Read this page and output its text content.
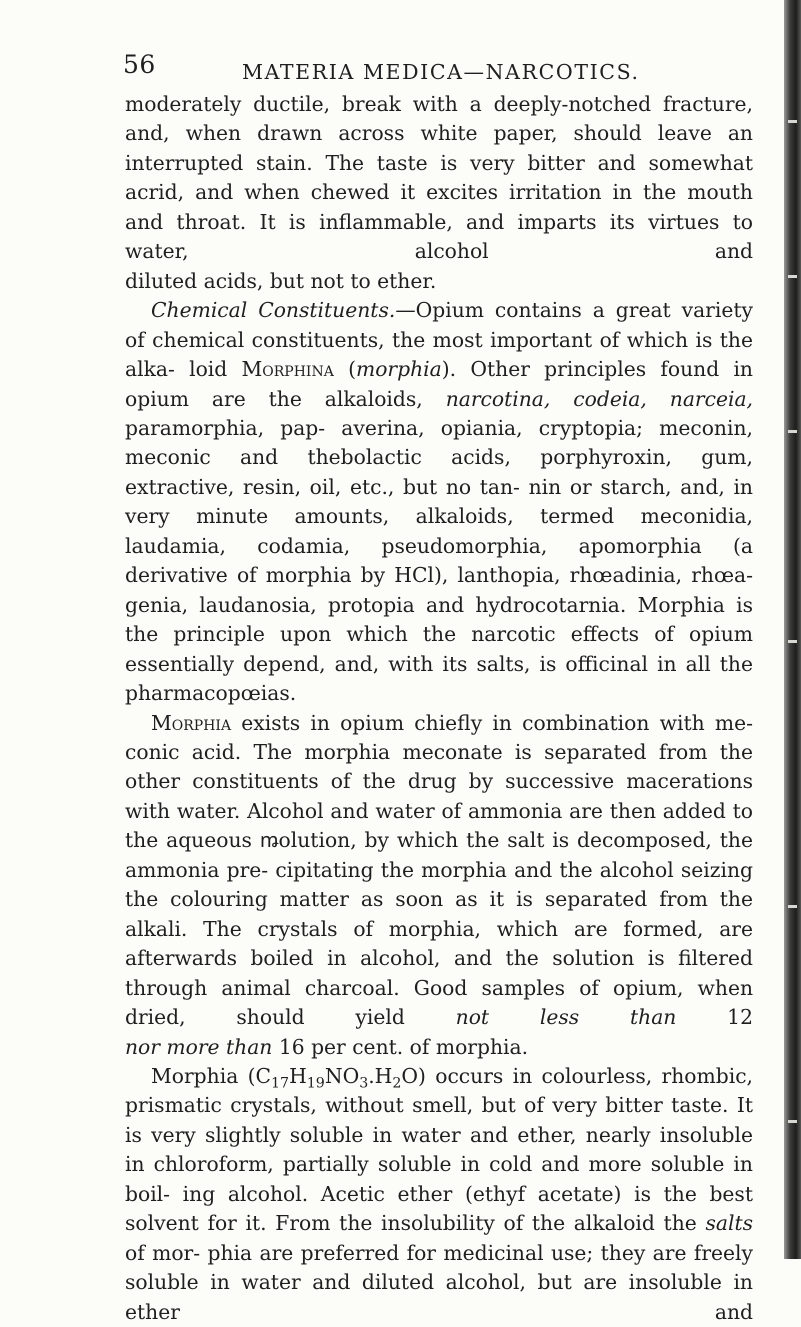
56	MATERIA MEDICA—NARCOTICS.

moderately ductile, break with a deeply-notched fracture, and, when drawn across white paper, should leave an interrupted stain. The taste is very bitter and somewhat acrid, and when chewed it excites irritation in the mouth and throat. It is inflammable, and imparts its virtues to water, alcohol and

diluted acids, but not to ether.

Chemical Constituents.—Opium contains a great variety of chemical constituents, the most important of which is the alka- loid Morphina (morphia). Other principles found in opium are the alkaloids, narcotina, codeia, narceia, paramorphia, pap- averina, opiania, cryptopia; meconin, meconic and thebolactic acids, porphyroxin, gum, extractive, resin, oil, etc., but no tan- nin or starch, and, in very minute amounts, alkaloids, termed meconidia, laudamia, codamia, pseudomorphia, apomorphia (a derivative of morphia by HCl), lanthopia, rhœadinia, rhœa- genia, laudanosia, protopia and hydrocotarnia. Morphia is the principle upon which the narcotic effects of opium essentially depend, and, with its salts, is officinal in all the pharmacopœias.

Morphia exists in opium chiefly in combination with me- conic acid. The morphia meconate is separated from the other constituents of the drug by successive macerations with water. Alcohol and water of ammonia are then added to the aqueous ꬺolution, by which the salt is decomposed, the ammonia pre- cipitating the morphia and the alcohol seizing the colouring matter as soon as it is separated from the alkali. The crystals of morphia, which are formed, are afterwards boiled in alcohol, and the solution is filtered through animal charcoal. Good samples of opium, when dried, should yield not less than 12

nor more than 16 per cent. of morphia.

Morphia $(C_{17}H_{19}NO_3.H_2O)$ occurs in colourless, rhombic, prismatic crystals, without smell, but of very bitter taste. It is very slightly soluble in water and ether, nearly insoluble in chloroform, partially soluble in cold and more soluble in boil- ing alcohol. Acetic ether (ethyf acetate) is the best solvent for it. From the insolubility of the alkaloid the salts of mor- phia are preferred for medicinal use; they are freely soluble in water and diluted alcohol, but are insoluble in ether and
